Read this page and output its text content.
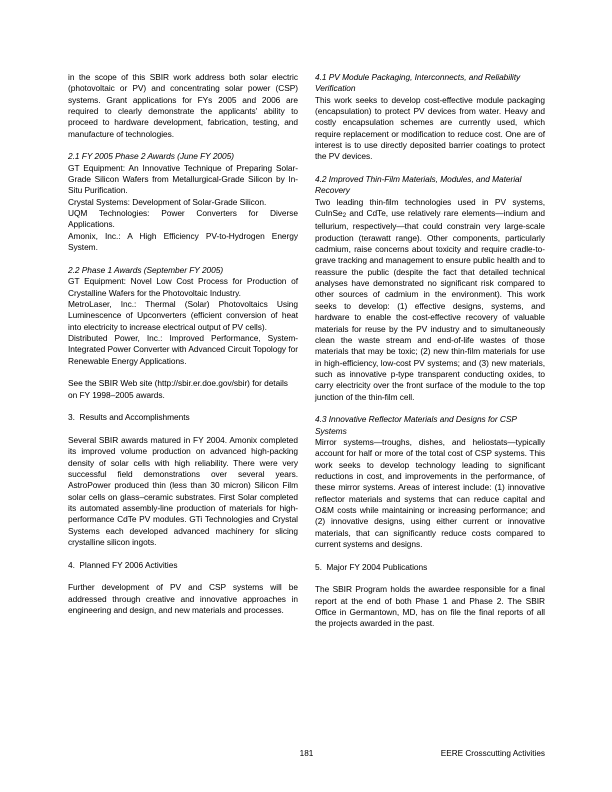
in the scope of this SBIR work address both solar electric (photovoltaic or PV) and concentrating solar power (CSP) systems. Grant applications for FYs 2005 and 2006 are required to clearly demonstrate the applicants' ability to proceed to hardware development, fabrication, testing, and manufacture of technologies.

2.1 FY 2005 Phase 2 Awards (June FY 2005)

GT Equipment: An Innovative Technique of Preparing Solar-Grade Silicon Wafers from Metallurgical-Grade Silicon by In-Situ Purification.

Crystal Systems: Development of Solar-Grade Silicon.

UQM Technologies: Power Converters for Diverse Applications.

Amonix, Inc.: A High Efficiency PV-to-Hydrogen Energy System.

2.2 Phase 1 Awards (September FY 2005)

GT Equipment: Novel Low Cost Process for Production of Crystalline Wafers for the Photovoltaic Industry.

MetroLaser, Inc.: Thermal (Solar) Photovoltaics Using Luminescence of Upconverters (efficient conversion of heat into electricity to increase electrical output of PV cells).

Distributed Power, Inc.: Improved Performance, System-Integrated Power Converter with Advanced Circuit Topology for Renewable Energy Applications.

See the SBIR Web site (http://sbir.er.doe.gov/sbir) for details on FY 1998–2005 awards.

3. Results and Accomplishments

Several SBIR awards matured in FY 2004. Amonix completed its improved volume production on advanced high-packing density of solar cells with high reliability. There were very successful field demonstrations over several years. AstroPower produced thin (less than 30 micron) Silicon Film solar cells on glass–ceramic substrates. First Solar completed its automated assembly-line production of materials for high-performance CdTe PV modules. GTi Technologies and Crystal Systems each developed advanced machinery for slicing crystalline silicon ingots.

4. Planned FY 2006 Activities

Further development of PV and CSP systems will be addressed through creative and innovative approaches in engineering and design, and new materials and processes.

4.1 PV Module Packaging, Interconnects, and Reliability Verification

This work seeks to develop cost-effective module packaging (encapsulation) to protect PV devices from water. Heavy and costly encapsulation schemes are currently used, which require replacement or modification to reduce cost. One are of interest is to use directly deposited barrier coatings to protect the PV devices.

4.2 Improved Thin-Film Materials, Modules, and Material Recovery

Two leading thin-film technologies used in PV systems, CuInSe$_2$ and CdTe, use relatively rare elements—indium and tellurium, respectively—that could constrain very large-scale production (terawatt range). Other components, particularly cadmium, raise concerns about toxicity and require cradle-to-grave tracking and management to ensure public health and to reassure the public (despite the fact that detailed technical analyses have demonstrated no significant risk compared to other sources of cadmium in the environment). This work seeks to develop: (1) effective designs, systems, and hardware to enable the cost-effective recovery of valuable materials for reuse by the PV industry and to simultaneously clean the waste stream and end-of-life wastes of those materials that may be toxic; (2) new thin-film materials for use in high-efficiency, low-cost PV systems; and (3) new materials, such as innovative p-type transparent conducting oxides, to carry electricity over the front surface of the module to the top junction of the thin-film cell.

4.3 Innovative Reflector Materials and Designs for CSP Systems

Mirror systems—troughs, dishes, and heliostats—typically account for half or more of the total cost of CSP systems. This work seeks to develop technology leading to significant reductions in cost, and improvements in the performance, of these mirror systems. Areas of interest include: (1) innovative reflector materials and systems that can reduce capital and O&M costs while maintaining or increasing performance; and (2) innovative designs, using either current or innovative materials, that can significantly reduce costs compared to current systems and designs.

5. Major FY 2004 Publications

The SBIR Program holds the awardee responsible for a final report at the end of both Phase 1 and Phase 2. The SBIR Office in Germantown, MD, has on file the final reports of all the projects awarded in the past.

181	EERE Crosscutting Activities
